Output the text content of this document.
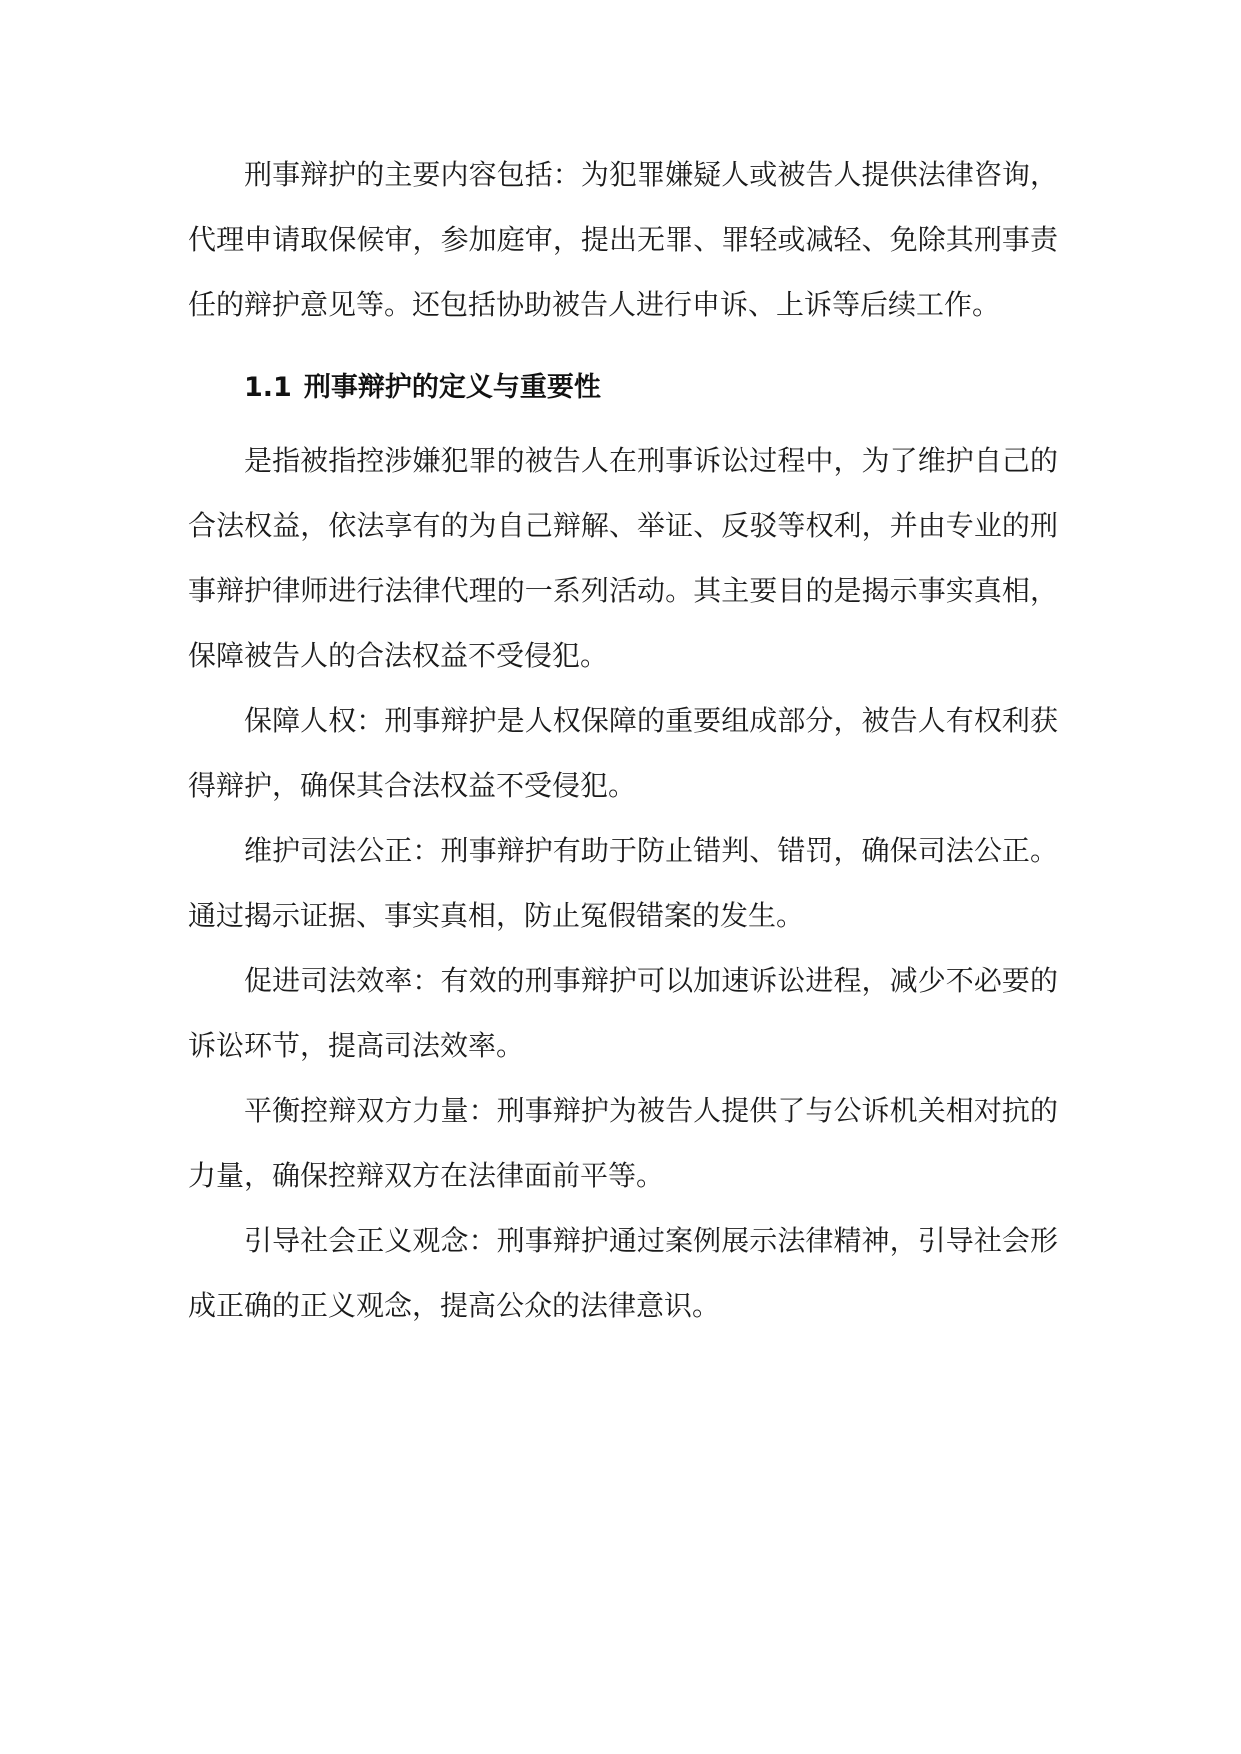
刑事辩护的主要内容包括：为犯罪嫌疑人或被告人提供法律咨询，代理申请取保候审，参加庭审，提出无罪、罪轻或减轻、免除其刑事责任的辩护意见等。还包括协助被告人进行申诉、上诉等后续工作。

1.1 刑事辩护的定义与重要性

是指被指控涉嫌犯罪的被告人在刑事诉讼过程中，为了维护自己的合法权益，依法享有的为自己辩解、举证、反驳等权利，并由专业的刑事辩护律师进行法律代理的一系列活动。其主要目的是揭示事实真相，保障被告人的合法权益不受侵犯。

保障人权：刑事辩护是人权保障的重要组成部分，被告人有权利获得辩护，确保其合法权益不受侵犯。

维护司法公正：刑事辩护有助于防止错判、错罚，确保司法公正。通过揭示证据、事实真相，防止冤假错案的发生。

促进司法效率：有效的刑事辩护可以加速诉讼进程，减少不必要的诉讼环节，提高司法效率。

平衡控辩双方力量：刑事辩护为被告人提供了与公诉机关相对抗的力量，确保控辩双方在法律面前平等。

引导社会正义观念：刑事辩护通过案例展示法律精神，引导社会形成正确的正义观念，提高公众的法律意识。
